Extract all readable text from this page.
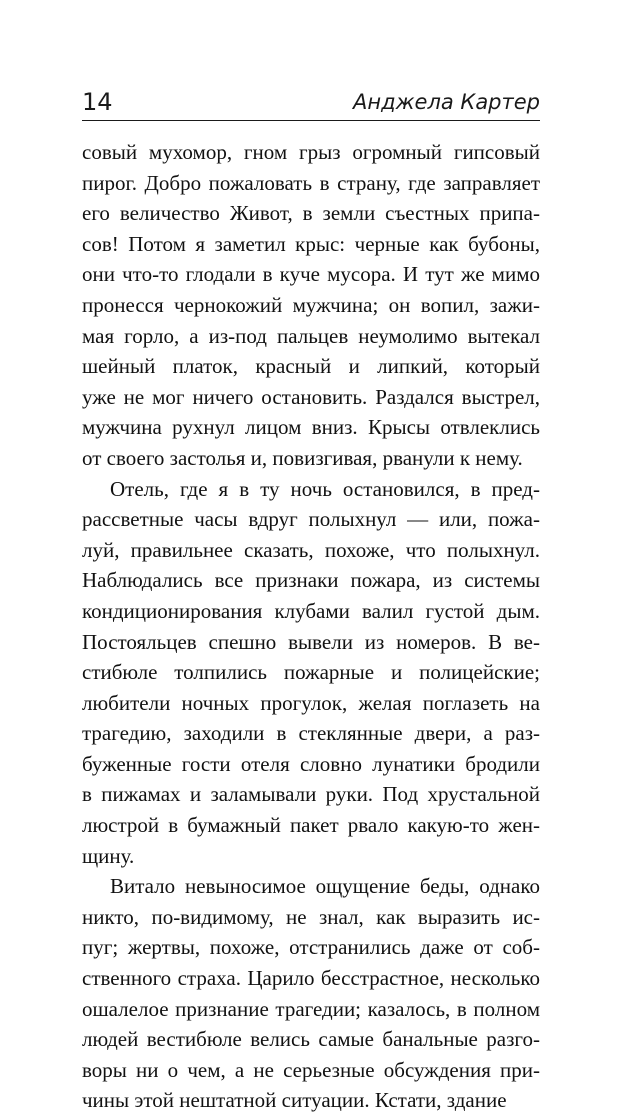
14	Анджела Картер
совый мухомор, гном грыз огромный гипсовый
пирог. Добро пожаловать в страну, где заправляет
его величество Живот, в земли съестных припа-
сов! Потом я заметил крыс: черные как бубоны,
они что-то глодали в куче мусора. И тут же мимо
пронесся чернокожий мужчина; он вопил, зажи-
мая горло, а из-под пальцев неумолимо вытекал
шейный платок, красный и липкий, который
уже не мог ничего остановить. Раздался выстрел,
мужчина рухнул лицом вниз. Крысы отвлеклись
от своего застолья и, повизгивая, рванули к нему.
Отель, где я в ту ночь остановился, в пред-
рассветные часы вдруг полыхнул — или, пожа-
луй, правильнее сказать, похоже, что полыхнул.
Наблюдались все признаки пожара, из системы
кондиционирования клубами валил густой дым.
Постояльцев спешно вывели из номеров. В ве-
стибюле толпились пожарные и полицейские;
любители ночных прогулок, желая поглазеть на
трагедию, заходили в стеклянные двери, а раз-
буженные гости отеля словно лунатики бродили
в пижамах и заламывали руки. Под хрустальной
люстрой в бумажный пакет рвало какую-то жен-
щину.
Витало невыносимое ощущение беды, однако
никто, по-видимому, не знал, как выразить ис-
пуг; жертвы, похоже, отстранились даже от соб-
ственного страха. Царило бесстрастное, несколько
ошалелое признание трагедии; казалось, в полном
людей вестибюле велись самые банальные разго-
воры ни о чем, а не серьезные обсуждения при-
чины этой нештатной ситуации. Кстати, здание
